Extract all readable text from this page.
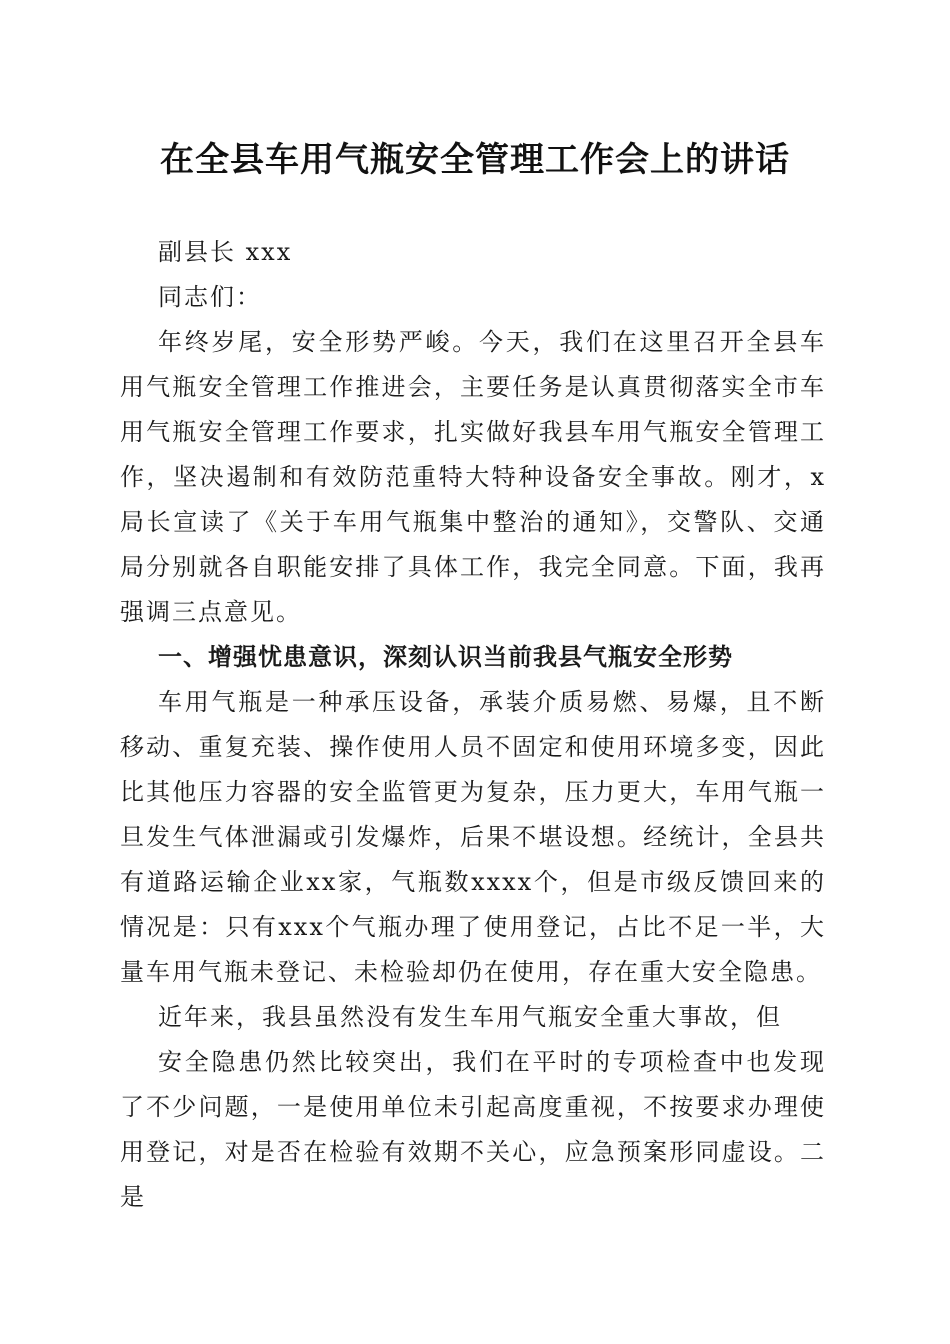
在全县车用气瓶安全管理工作会上的讲话

副县长 xxx

同志们：

年终岁尾，安全形势严峻。今天，我们在这里召开全县车用气瓶安全管理工作推进会，主要任务是认真贯彻落实全市车用气瓶安全管理工作要求，扎实做好我县车用气瓶安全管理工作，坚决遏制和有效防范重特大特种设备安全事故。刚才，x局长宣读了《关于车用气瓶集中整治的通知》，交警队、交通局分别就各自职能安排了具体工作，我完全同意。下面，我再强调三点意见。

一、增强忧患意识，深刻认识当前我县气瓶安全形势

车用气瓶是一种承压设备，承装介质易燃、易爆，且不断移动、重复充装、操作使用人员不固定和使用环境多变，因此比其他压力容器的安全监管更为复杂，压力更大，车用气瓶一旦发生气体泄漏或引发爆炸，后果不堪设想。经统计，全县共有道路运输企业xx家，气瓶数xxxx个，但是市级反馈回来的情况是：只有xxx个气瓶办理了使用登记，占比不足一半，大量车用气瓶未登记、未检验却仍在使用，存在重大安全隐患。

近年来，我县虽然没有发生车用气瓶安全重大事故，但

安全隐患仍然比较突出，我们在平时的专项检查中也发现了不少问题，一是使用单位未引起高度重视，不按要求办理使用登记，对是否在检验有效期不关心，应急预案形同虚设。二是
